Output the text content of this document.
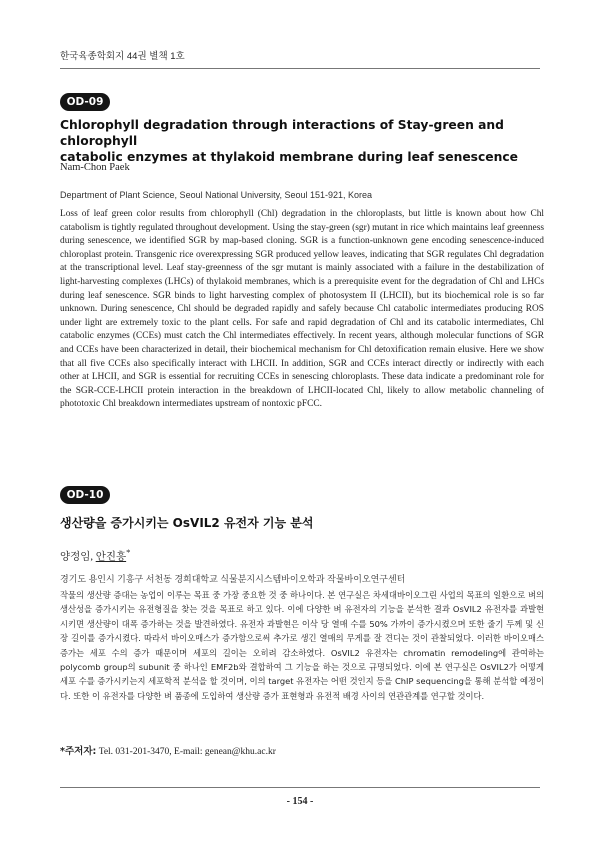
한국육종학회지 44권 별책 1호
OD-09
Chlorophyll degradation through interactions of Stay-green and chlorophyll
catabolic enzymes at thylakoid membrane during leaf senescence
Nam-Chon Paek
Department of Plant Science, Seoul National University, Seoul 151-921, Korea

Loss of leaf green color results from chlorophyll (Chl) degradation in the chloroplasts, but little is known about how Chl catabolism is tightly regulated throughout development. Using the stay-green (sgr) mutant in rice which maintains leaf greenness during senescence, we identified SGR by map-based cloning. SGR is a function-unknown gene encoding senescence-induced chloroplast protein. Transgenic rice overexpressing SGR produced yellow leaves, indicating that SGR regulates Chl degradation at the transcriptional level. Leaf stay-greenness of the sgr mutant is mainly associated with a failure in the destabilization of light-harvesting complexes (LHCs) of thylakoid membranes, which is a prerequisite event for the degradation of Chl and LHCs during leaf senescence. SGR binds to light harvesting complex of photosystem II (LHCII), but its biochemical role is so far unknown. During senescence, Chl should be degraded rapidly and safely because Chl catabolic intermediates producing ROS under light are extremely toxic to the plant cells. For safe and rapid degradation of Chl and its catabolic intermediates, Chl catabolic enzymes (CCEs) must catch the Chl intermediates effectively. In recent years, although molecular functions of SGR and CCEs have been characterized in detail, their biochemical mechanism for Chl detoxification remain elusive. Here we show that all five CCEs also specifically interact with LHCII. In addition, SGR and CCEs interact directly or indirectly with each other at LHCII, and SGR is essential for recruiting CCEs in senescing chloroplasts. These data indicate a predominant role for the SGR-CCE-LHCII protein interaction in the breakdown of LHCII-located Chl, likely to allow metabolic channeling of phototoxic Chl breakdown intermediates upstream of nontoxic pFCC.

OD-10
생산량을 증가시키는 OsVIL2 유전자 기능 분석
양정임, 안진흥*
경기도 용인시 기흥구 서천동 경희대학교 식물분지시스템바이오학과 작물바이오연구센터

작물의 생산량 증대는 농업이 이루는 목표 중 가장 중요한 것 중 하나이다. 본 연구실은 차세대바이오그린 사업의 목표의 일환으로 벼의 생산성을 증가시키는 유전형질을 찾는 것을 목표로 하고 있다. 이에 다양한 벼 유전자의 기능을 분석한 결과 OsVIL2 유전자를 과발현 시키면 생산량이 대폭 증가하는 것을 발견하였다. 유전자 과발현은 이삭 당 열매 수를 50% 가까이 증가시켰으며 또한 줄기 두께 및 신장 길이를 증가시켰다. 따라서 바이오매스가 증가함으로써 추가로 생긴 열매의 무게를 잘 견디는 것이 관찰되었다. 이러한 바이오매스 증가는 세포 수의 증가 때문이며 세포의 길이는 오히려 감소하였다. OsVIL2 유전자는 chromatin remodeling에 관여하는 polycomb group의 subunit 중 하나인 EMF2b와 결합하여 그 기능을 하는 것으로 규명되었다. 이에 본 연구실은 OsVIL2가 어떻게 세포 수를 증가시키는지 세포학적 분석을 할 것이며, 이의 target 유전자는 어떤 것인지 등을 ChIP sequencing을 통해 분석할 예정이다. 또한 이 유전자를 다양한 벼 품종에 도입하여 생산량 증가 표현형과 유전적 배경 사이의 연관관계를 연구할 것이다.

*주저자: Tel. 031-201-3470, E-mail: genean@khu.ac.kr
- 154 -
